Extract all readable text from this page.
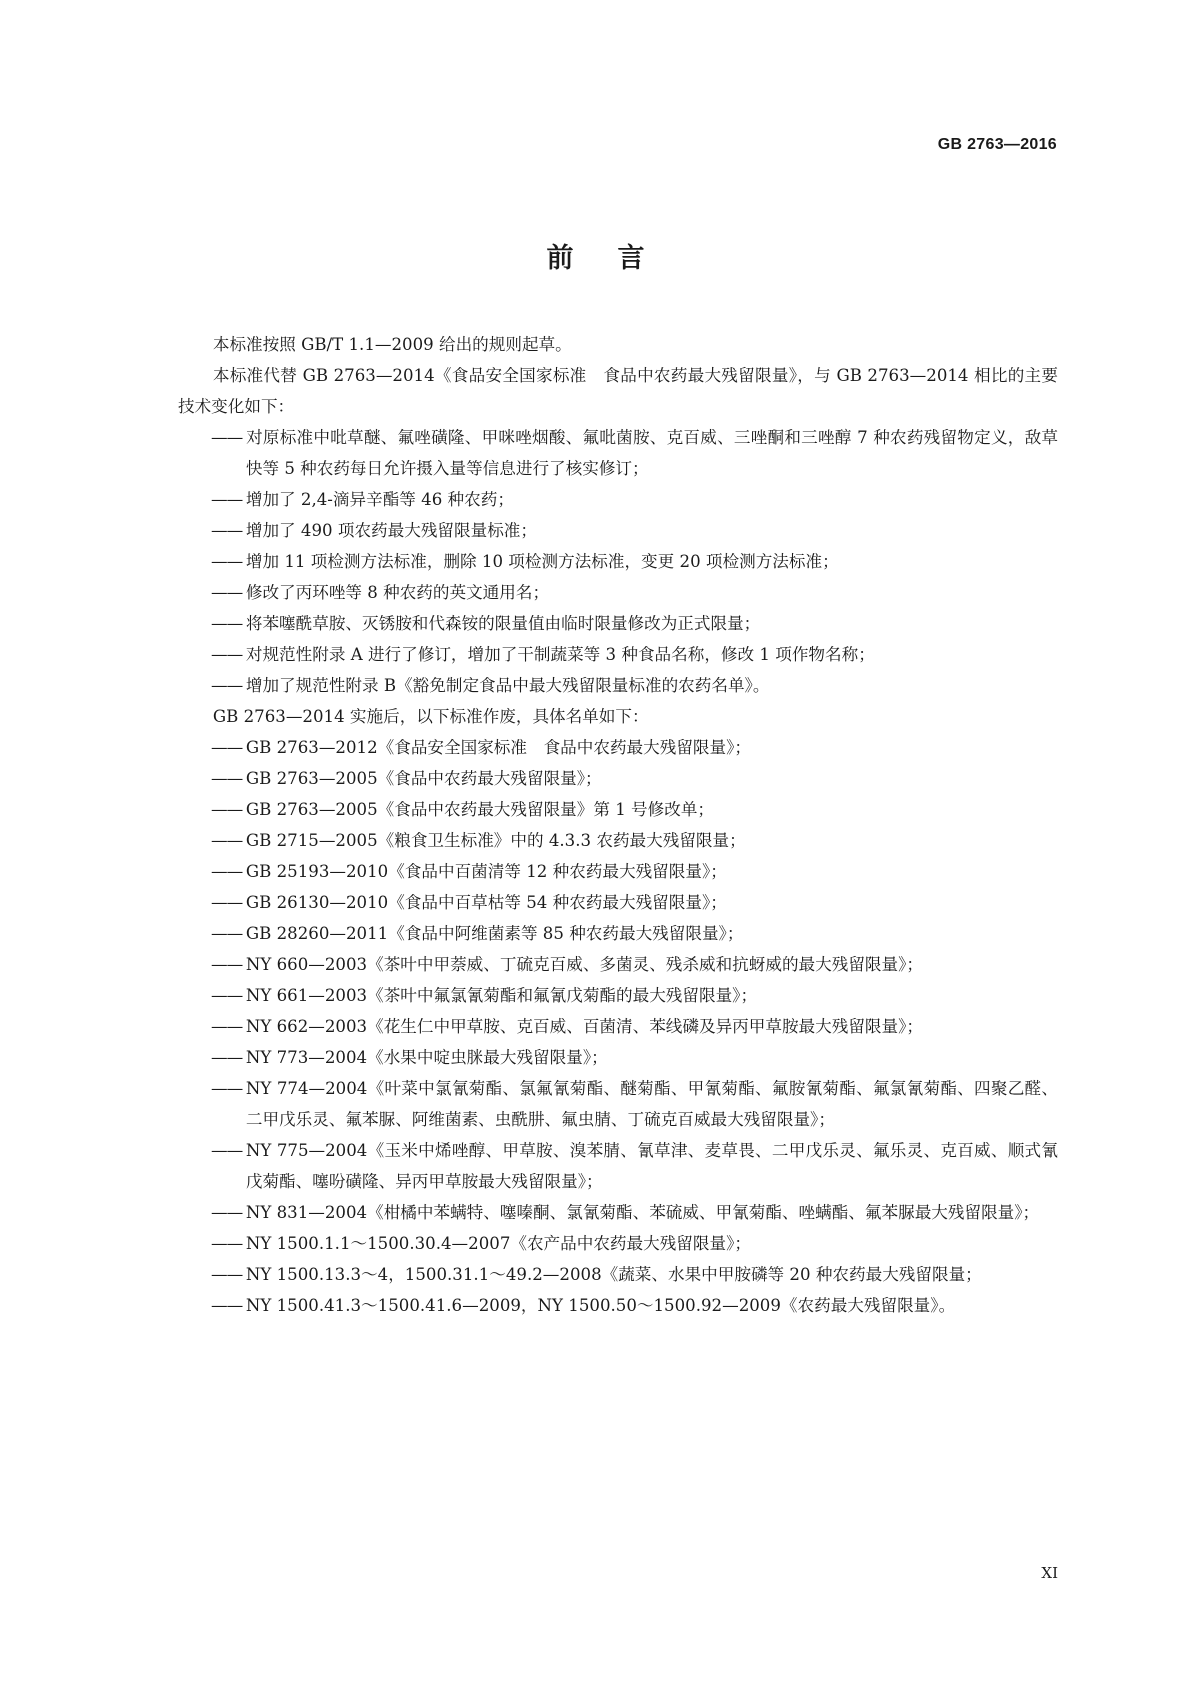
GB 2763—2016
前言

本标准按照 GB/T 1.1—2009 给出的规则起草。

本标准代替 GB 2763—2014《食品安全国家标准　食品中农药最大残留限量》，与 GB 2763—2014 相比的主要技术变化如下：

—— 对原标准中吡草醚、氟唑磺隆、甲咪唑烟酸、氟吡菌胺、克百威、三唑酮和三唑醇 7 种农药残留物定义，敌草快等 5 种农药每日允许摄入量等信息进行了核实修订；

—— 增加了 2,4-滴异辛酯等 46 种农药；

—— 增加了 490 项农药最大残留限量标准；

—— 增加 11 项检测方法标准，删除 10 项检测方法标准，变更 20 项检测方法标准；

—— 修改了丙环唑等 8 种农药的英文通用名；

—— 将苯噻酰草胺、灭锈胺和代森铵的限量值由临时限量修改为正式限量；

—— 对规范性附录 A 进行了修订，增加了干制蔬菜等 3 种食品名称，修改 1 项作物名称；

—— 增加了规范性附录 B《豁免制定食品中最大残留限量标准的农药名单》。

GB 2763—2014 实施后，以下标准作废，具体名单如下：

—— GB 2763—2012《食品安全国家标准　食品中农药最大残留限量》；

—— GB 2763—2005《食品中农药最大残留限量》；

—— GB 2763—2005《食品中农药最大残留限量》第 1 号修改单；

—— GB 2715—2005《粮食卫生标准》中的 4.3.3 农药最大残留限量；

—— GB 25193—2010《食品中百菌清等 12 种农药最大残留限量》；

—— GB 26130—2010《食品中百草枯等 54 种农药最大残留限量》；

—— GB 28260—2011《食品中阿维菌素等 85 种农药最大残留限量》；

—— NY 660—2003《茶叶中甲萘威、丁硫克百威、多菌灵、残杀威和抗蚜威的最大残留限量》；

—— NY 661—2003《茶叶中氟氯氰菊酯和氟氰戊菊酯的最大残留限量》；

—— NY 662—2003《花生仁中甲草胺、克百威、百菌清、苯线磷及异丙甲草胺最大残留限量》；

—— NY 773—2004《水果中啶虫脒最大残留限量》；

—— NY 774—2004《叶菜中氯氰菊酯、氯氟氰菊酯、醚菊酯、甲氰菊酯、氟胺氰菊酯、氟氯氰菊酯、四聚乙醛、二甲戊乐灵、氟苯脲、阿维菌素、虫酰肼、氟虫腈、丁硫克百威最大残留限量》；

—— NY 775—2004《玉米中烯唑醇、甲草胺、溴苯腈、氰草津、麦草畏、二甲戊乐灵、氟乐灵、克百威、顺式氰戊菊酯、噻吩磺隆、异丙甲草胺最大残留限量》；

—— NY 831—2004《柑橘中苯螨特、噻嗪酮、氯氰菊酯、苯硫威、甲氰菊酯、唑螨酯、氟苯脲最大残留限量》；

—— NY 1500.1.1～1500.30.4—2007《农产品中农药最大残留限量》；

—— NY 1500.13.3～4，1500.31.1～49.2—2008《蔬菜、水果中甲胺磷等 20 种农药最大残留限量；

—— NY 1500.41.3～1500.41.6—2009，NY 1500.50～1500.92—2009《农药最大残留限量》。

XI
